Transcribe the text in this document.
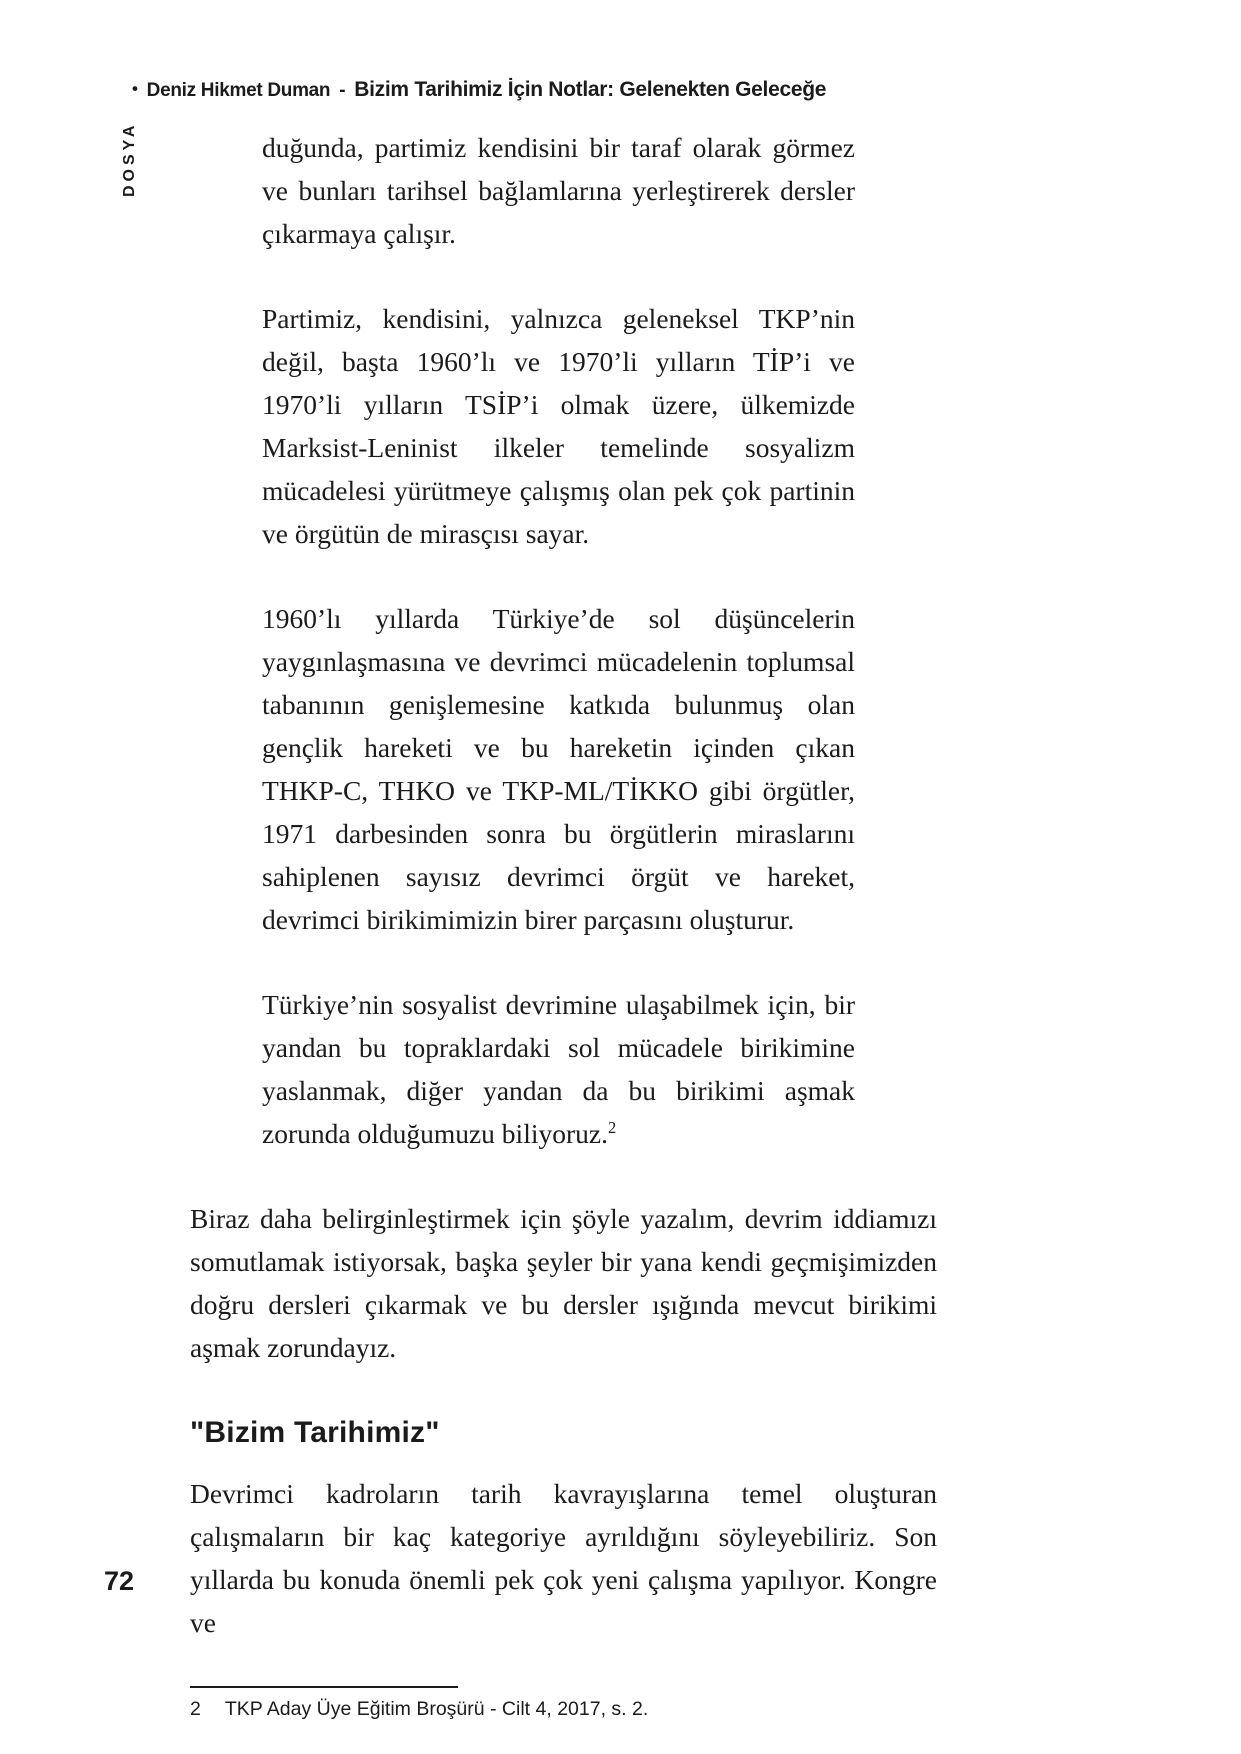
• Deniz Hikmet Duman - Bizim Tarihimiz İçin Notlar: Gelenekten Geleceğe
DOSYA	duğunda, partimiz kendisini bir taraf olarak görmez ve bunları tarihsel bağlamlarına yerleştirerek dersler çıkarmaya çalışır.
Partimiz, kendisini, yalnızca geleneksel TKP’nin değil, başta 1960’lı ve 1970’li yılların TİP’i ve 1970’li yılların TSİP’i olmak üzere, ülkemizde Marksist-Leninist ilkeler temelinde sosyalizm mücadelesi yürütmeye çalışmış olan pek çok partinin ve örgütün de mirasçısı sayar.
1960’lı yıllarda Türkiye’de sol düşüncelerin yaygınlaşmasına ve devrimci mücadelenin toplumsal tabanının genişlemesine katkıda bulunmuş olan gençlik hareketi ve bu hareketin içinden çıkan THKP-C, THKO ve TKP-ML/TİKKO gibi örgütler, 1971 darbesinden sonra bu örgütlerin miraslarını sahiplenen sayısız devrimci örgüt ve hareket, devrimci birikimimizin birer parçasını oluşturur.
Türkiye’nin sosyalist devrimine ulaşabilmek için, bir yandan bu topraklardaki sol mücadele birikimine yaslanmak, diğer yandan da bu birikimi aşmak zorunda olduğumuzu biliyoruz.$^2$

Biraz daha belirginleştirmek için şöyle yazalım, devrim iddiamızı somutlamak istiyorsak, başka şeyler bir yana kendi geçmişimizden doğru dersleri çıkarmak ve bu dersler ışığında mevcut birikimi aşmak zorundayız.

"Bizim Tarihimiz"

Devrimci kadroların tarih kavrayışlarına temel oluşturan çalışmaların bir kaç kategoriye ayrıldığını söyleyebiliriz. Son yıllarda bu konuda önemli pek çok yeni çalışma yapılıyor. Kongre ve

2 TKP Aday Üye Eğitim Broşürü - Cilt 4, 2017, s. 2.
72
